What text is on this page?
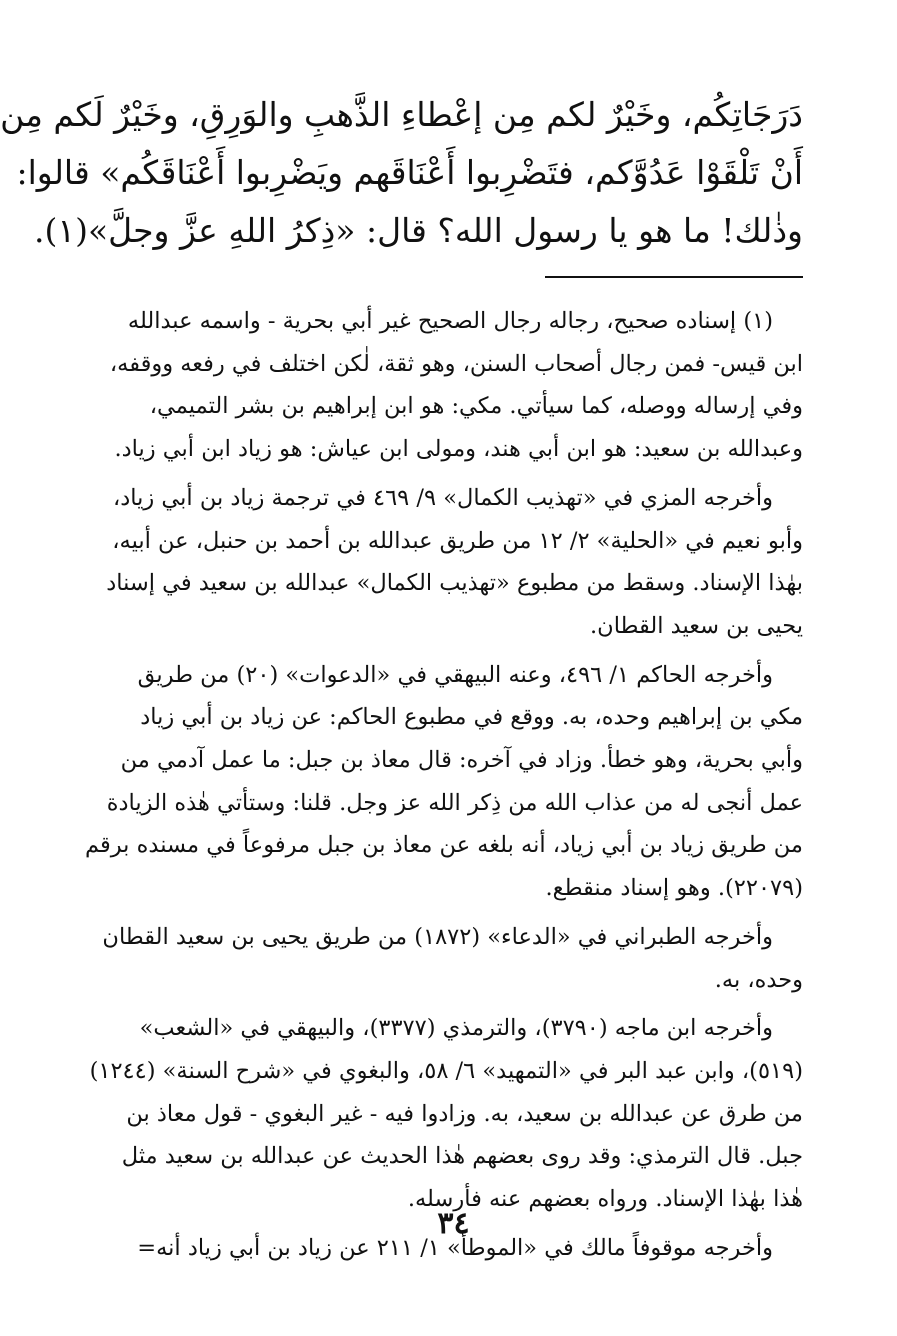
دَرَجَاتِكُم، وخَيْرٌ لكم مِن إعْطاءِ الذَّهبِ والوَرِقِ، وخَيْرٌ لَكم مِن
أَنْ تَلْقَوْا عَدُوَّكم، فتَضْرِبوا أَعْنَاقَهم ويَضْرِبوا أَعْنَاقَكُم» قالوا:
وذٰلك! ما هو يا رسول الله؟ قال: «ذِكرُ اللهِ عزَّ وجلَّ»(١).

(١) إسناده صحيح، رجاله رجال الصحيح غير أبي بحرية - واسمه عبدالله
ابن قيس- فمن رجال أصحاب السنن، وهو ثقة، لٰكن اختلف في رفعه ووقفه،
وفي إرساله ووصله، كما سيأتي. مكي: هو ابن إبراهيم بن بشر التميمي،
وعبدالله بن سعيد: هو ابن أبي هند، ومولى ابن عياش: هو زياد ابن أبي زياد.

وأخرجه المزي في «تهذيب الكمال» ٩/ ٤٦٩ في ترجمة زياد بن أبي زياد،
وأبو نعيم في «الحلية» ٢/ ١٢ من طريق عبدالله بن أحمد بن حنبل، عن أبيه،
بهٰذا الإسناد. وسقط من مطبوع «تهذيب الكمال» عبدالله بن سعيد في إسناد
يحيى بن سعيد القطان.

وأخرجه الحاكم ١/ ٤٩٦، وعنه البيهقي في «الدعوات» (٢٠) من طريق
مكي بن إبراهيم وحده، به. ووقع في مطبوع الحاكم: عن زياد بن أبي زياد
وأبي بحرية، وهو خطأ. وزاد في آخره: قال معاذ بن جبل: ما عمل آدمي من
عمل أنجى له من عذاب الله من ذِكر الله عز وجل. قلنا: وستأتي هٰذه الزيادة
من طريق زياد بن أبي زياد، أنه بلغه عن معاذ بن جبل مرفوعاً في مسنده برقم
(٢٢٠٧٩). وهو إسناد منقطع.

وأخرجه الطبراني في «الدعاء» (١٨٧٢) من طريق يحيى بن سعيد القطان
وحده، به.

وأخرجه ابن ماجه (٣٧٩٠)، والترمذي (٣٣٧٧)، والبيهقي في «الشعب»
(٥١٩)، وابن عبد البر في «التمهيد» ٦/ ٥٨، والبغوي في «شرح السنة» (١٢٤٤)
من طرق عن عبدالله بن سعيد، به. وزادوا فيه - غير البغوي - قول معاذ بن
جبل. قال الترمذي: وقد روى بعضهم هٰذا الحديث عن عبدالله بن سعيد مثل
هٰذا بهٰذا الإسناد. ورواه بعضهم عنه فأرسله.

وأخرجه موقوفاً مالك في «الموطأ» ١/ ٢١١ عن زياد بن أبي زياد أنه=

٣٤
